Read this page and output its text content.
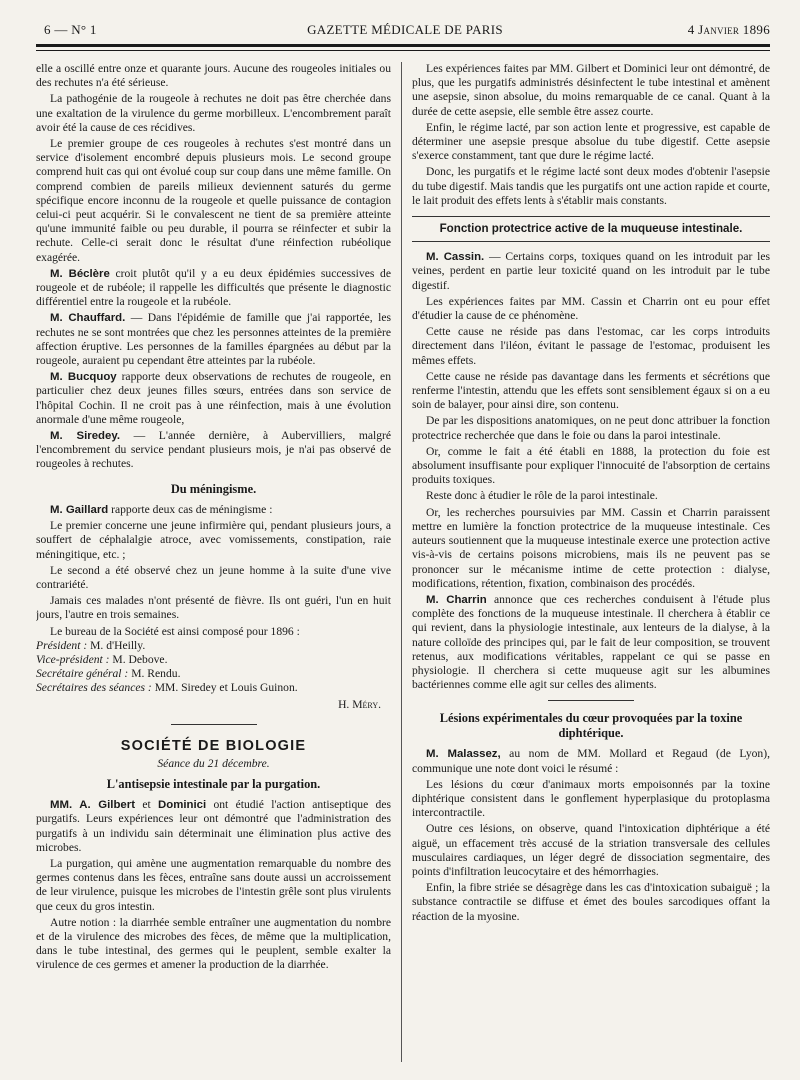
6 — N° 1	GAZETTE MÉDICALE DE PARIS	4 Janvier 1896

elle a oscillé entre onze et quarante jours. Aucune des rougeoles initiales ou des rechutes n'a été sérieuse.

La pathogénie de la rougeole à rechutes ne doit pas être cherchée dans une exaltation de la virulence du germe morbilleux. L'encombrement paraît avoir été la cause de ces récidives.

Le premier groupe de ces rougeoles à rechutes s'est montré dans un service d'isolement encombré depuis plusieurs mois. Le second groupe comprend huit cas qui ont évolué coup sur coup dans une même famille. On comprend combien de pareils milieux deviennent saturés du germe spécifique encore inconnu de la rougeole et quelle puissance de contagion celui-ci peut acquérir. Si le convalescent ne tient de sa première atteinte qu'une immunité faible ou peu durable, il pourra se réinfecter et subir la rechute. Celle-ci serait donc le résultat d'une réinfection rubéolique exagérée.

M. Béclère croit plutôt qu'il y a eu deux épidémies successives de rougeole et de rubéole; il rappelle les difficultés que présente le diagnostic différentiel entre la rougeole et la rubéole.

M. Chauffard. — Dans l'épidémie de famille que j'ai rapportée, les rechutes ne se sont montrées que chez les personnes atteintes de la première affection éruptive. Les personnes de la familles épargnées au début par la rougeole, auraient pu cependant être atteintes par la rubéole.

M. Bucquoy rapporte deux observations de rechutes de rougeole, en particulier chez deux jeunes filles sœurs, entrées dans son service de l'hôpital Cochin. Il ne croit pas à une réinfection, mais à une évolution anormale d'une même rougeole,

M. Siredey. — L'année dernière, à Aubervilliers, malgré l'encombrement du service pendant plusieurs mois, je n'ai pas observé de rougeoles à rechutes.

Du méningisme.

M. Gaillard rapporte deux cas de méningisme :

Le premier concerne une jeune infirmière qui, pendant plusieurs jours, a souffert de céphalalgie atroce, avec vomissements, constipation, raie méningitique, etc. ;

Le second a été observé chez un jeune homme à la suite d'une vive contrariété.

Jamais ces malades n'ont présenté de fièvre. Ils ont guéri, l'un en huit jours, l'autre en trois semaines.

Le bureau de la Société est ainsi composé pour 1896 :

Président : M. d'Heilly.

Vice-président : M. Debove.

Secrétaire général : M. Rendu.

Secrétaires des séances : MM. Siredey et Louis Guinon.

H. Méry.
SOCIÉTÉ DE BIOLOGIE
Séance du 21 décembre.
L'antisepsie intestinale par la purgation.

MM. A. Gilbert et Dominici ont étudié l'action antiseptique des purgatifs. Leurs expériences leur ont démontré que l'administration des purgatifs à un individu sain déterminait une élimination plus active des microbes.

La purgation, qui amène une augmentation remarquable du nombre des germes contenus dans les fèces, entraîne sans doute aussi un accroissement de leur virulence, puisque les microbes de l'intestin grêle sont plus virulents que ceux du gros intestin.

Autre notion : la diarrhée semble entraîner une augmentation du nombre et de la virulence des microbes des fèces, de même que la multiplication, dans le tube intestinal, des germes qui le peuplent, semble exalter la virulence de ces germes et amener la production de la diarrhée.

Les expériences faites par MM. Gilbert et Dominici leur ont démontré, de plus, que les purgatifs administrés désinfectent le tube intestinal et amènent une asepsie, sinon absolue, du moins remarquable de ce canal. Quant à la durée de cette asepsie, elle semble être assez courte.

Enfin, le régime lacté, par son action lente et progressive, est capable de déterminer une asepsie presque absolue du tube digestif. Cette asepsie s'exerce constamment, tant que dure le régime lacté.

Donc, les purgatifs et le régime lacté sont deux modes d'obtenir l'asepsie du tube digestif. Mais tandis que les purgatifs ont une action rapide et courte, le lait produit des effets lents à s'établir mais constants.

Fonction protectrice active de la muqueuse intestinale.

M. Cassin. — Certains corps, toxiques quand on les introduit par les veines, perdent en partie leur toxicité quand on les introduit par le tube digestif.

Les expériences faites par MM. Cassin et Charrin ont eu pour effet d'étudier la cause de ce phénomène.

Cette cause ne réside pas dans l'estomac, car les corps introduits directement dans l'iléon, évitant le passage de l'estomac, produisent les mêmes effets.

Cette cause ne réside pas davantage dans les ferments et sécrétions que renferme l'intestin, attendu que les effets sont sensiblement égaux si on a eu soin de balayer, pour ainsi dire, son contenu.

De par les dispositions anatomiques, on ne peut donc attribuer la fonction protectrice recherchée que dans le foie ou dans la paroi intestinale.

Or, comme le fait a été établi en 1888, la protection du foie est absolument insuffisante pour expliquer l'innocuité de l'absorption de certains produits toxiques.

Reste donc à étudier le rôle de la paroi intestinale.

Or, les recherches poursuivies par MM. Cassin et Charrin paraissent mettre en lumière la fonction protectrice de la muqueuse intestinale. Ces auteurs soutiennent que la muqueuse intestinale exerce une protection active vis-à-vis de certains poisons microbiens, mais ils ne peuvent pas se prononcer sur le mécanisme intime de cette protection : dialyse, modifications, rétention, fixation, combinaison des procédés.

M. Charrin annonce que ces recherches conduisent à l'étude plus complète des fonctions de la muqueuse intestinale. Il cherchera à établir ce qui revient, dans la physiologie intestinale, aux lenteurs de la dialyse, à la nature colloïde des principes qui, par le fait de leur composition, se trouvent retenus, aux modifications véritables, rappelant ce qui se passe en physiologie. Il cherchera si cette muqueuse agit sur les albumines bactériennes comme elle agit sur celles des aliments.

Lésions expérimentales du cœur provoquées par la toxine diphtérique.

M. Malassez, au nom de MM. Mollard et Regaud (de Lyon), communique une note dont voici le résumé :

Les lésions du cœur d'animaux morts empoisonnés par la toxine diphtérique consistent dans le gonflement hyperplasique du protoplasma intercontractile.

Outre ces lésions, on observe, quand l'intoxication diphtérique a été aiguë, un effacement très accusé de la striation transversale des cellules musculaires cardiaques, un léger degré de dissociation segmentaire, des points d'infiltration leucocytaire et des hémorrhagies.

Enfin, la fibre striée se désagrège dans les cas d'intoxication subaiguë ; la substance contractile se diffuse et émet des boules sarcodiques offant la réaction de la myosine.
